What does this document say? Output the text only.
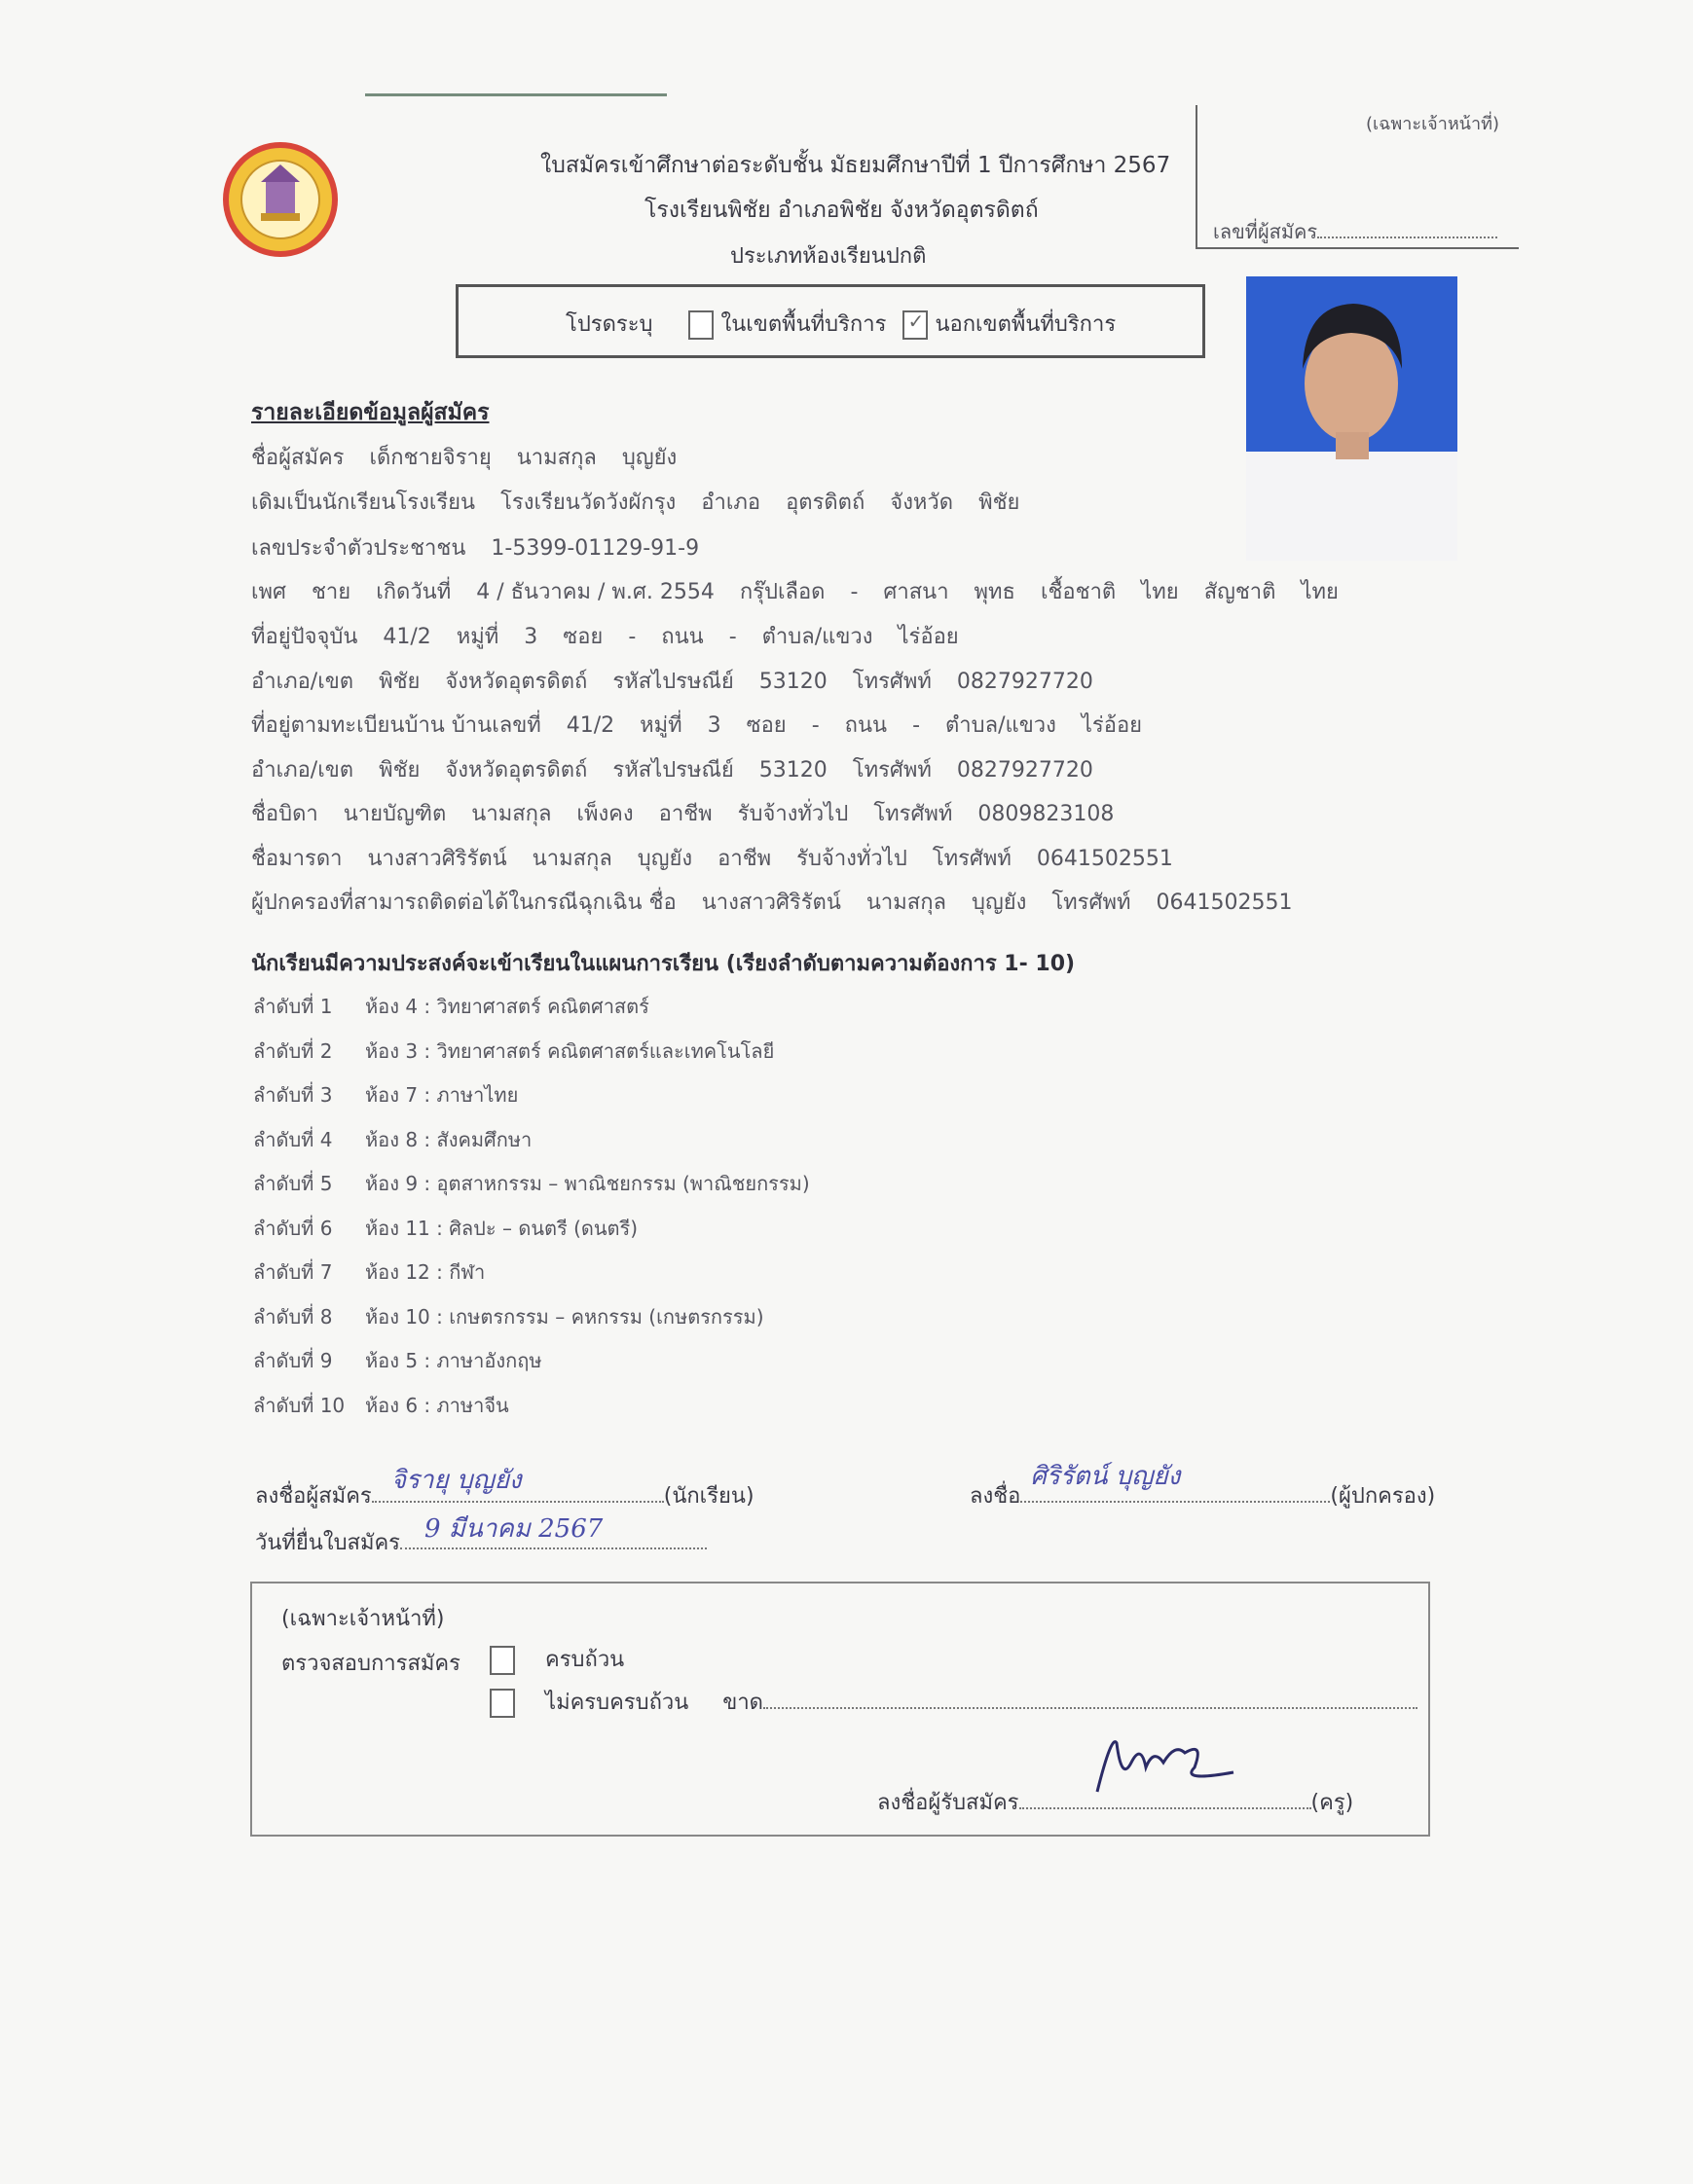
ใบสมัครเข้าศึกษาต่อระดับชั้น มัธยมศึกษาปีที่ 1 ปีการศึกษา 2567
โรงเรียนพิชัย อำเภอพิชัย จังหวัดอุตรดิตถ์
ประเภทห้องเรียนปกติ
(เฉพาะเจ้าหน้าที่)
เลขที่ผู้สมัคร
โปรดระบุ	ในเขตพื้นที่บริการ ✓ นอกเขตพื้นที่บริการ
รายละเอียดข้อมูลผู้สมัคร
ชื่อผู้สมัคร เด็กชายจิรายุ นามสกุล บุญยัง
เดิมเป็นนักเรียนโรงเรียน โรงเรียนวัดวังผักรุง อำเภอ อุตรดิตถ์ จังหวัด พิชัย
เลขประจำตัวประชาชน 1-5399-01129-91-9
เพศ ชาย เกิดวันที่ 4 / ธันวาคม / พ.ศ. 2554 กรุ๊ปเลือด - ศาสนา พุทธ เชื้อชาติ ไทย สัญชาติ ไทย
ที่อยู่ปัจจุบัน 41/2 หมู่ที่ 3 ซอย - ถนน - ตำบล/แขวง ไร่อ้อย
อำเภอ/เขต พิชัย จังหวัดอุตรดิตถ์ รหัสไปรษณีย์ 53120 โทรศัพท์ 0827927720
ที่อยู่ตามทะเบียนบ้าน บ้านเลขที่ 41/2 หมู่ที่ 3 ซอย - ถนน - ตำบล/แขวง ไร่อ้อย
อำเภอ/เขต พิชัย จังหวัดอุตรดิตถ์ รหัสไปรษณีย์ 53120 โทรศัพท์ 0827927720
ชื่อบิดา นายบัญฑิต นามสกุล เพ็งคง อาชีพ รับจ้างทั่วไป โทรศัพท์ 0809823108
ชื่อมารดา นางสาวศิริรัตน์ นามสกุล บุญยัง อาชีพ รับจ้างทั่วไป โทรศัพท์ 0641502551
ผู้ปกครองที่สามารถติดต่อได้ในกรณีฉุกเฉิน ชื่อ นางสาวศิริรัตน์ นามสกุล บุญยัง โทรศัพท์ 0641502551
นักเรียนมีความประสงค์จะเข้าเรียนในแผนการเรียน (เรียงลำดับตามความต้องการ 1- 10)
ลำดับที่ 1 ห้อง 4 : วิทยาศาสตร์ คณิตศาสตร์
ลำดับที่ 2 ห้อง 3 : วิทยาศาสตร์ คณิตศาสตร์และเทคโนโลยี
ลำดับที่ 3 ห้อง 7 : ภาษาไทย
ลำดับที่ 4 ห้อง 8 : สังคมศึกษา
ลำดับที่ 5 ห้อง 9 : อุตสาหกรรม – พาณิชยกรรม (พาณิชยกรรม)
ลำดับที่ 6 ห้อง 11 : ศิลปะ – ดนตรี (ดนตรี)
ลำดับที่ 7 ห้อง 12 : กีฬา
ลำดับที่ 8 ห้อง 10 : เกษตรกรรม – คหกรรม (เกษตรกรรม)
ลำดับที่ 9 ห้อง 5 : ภาษาอังกฤษ
ลำดับที่ 10 ห้อง 6 : ภาษาจีน
ลงชื่อผู้สมัคร
จิรายุ บุญยัง
(นักเรียน)
วันที่ยื่นใบสมัคร 9 มีนาคม 2567
ลงชื่อ
ศิริรัตน์ บุญยัง
(ผู้ปกครอง)
(เฉพาะเจ้าหน้าที่)
ตรวจสอบการสมัคร	ครบถ้วน
ไม่ครบครบถ้วน ขาด
ลงชื่อผู้รับสมัคร	(ครู)
